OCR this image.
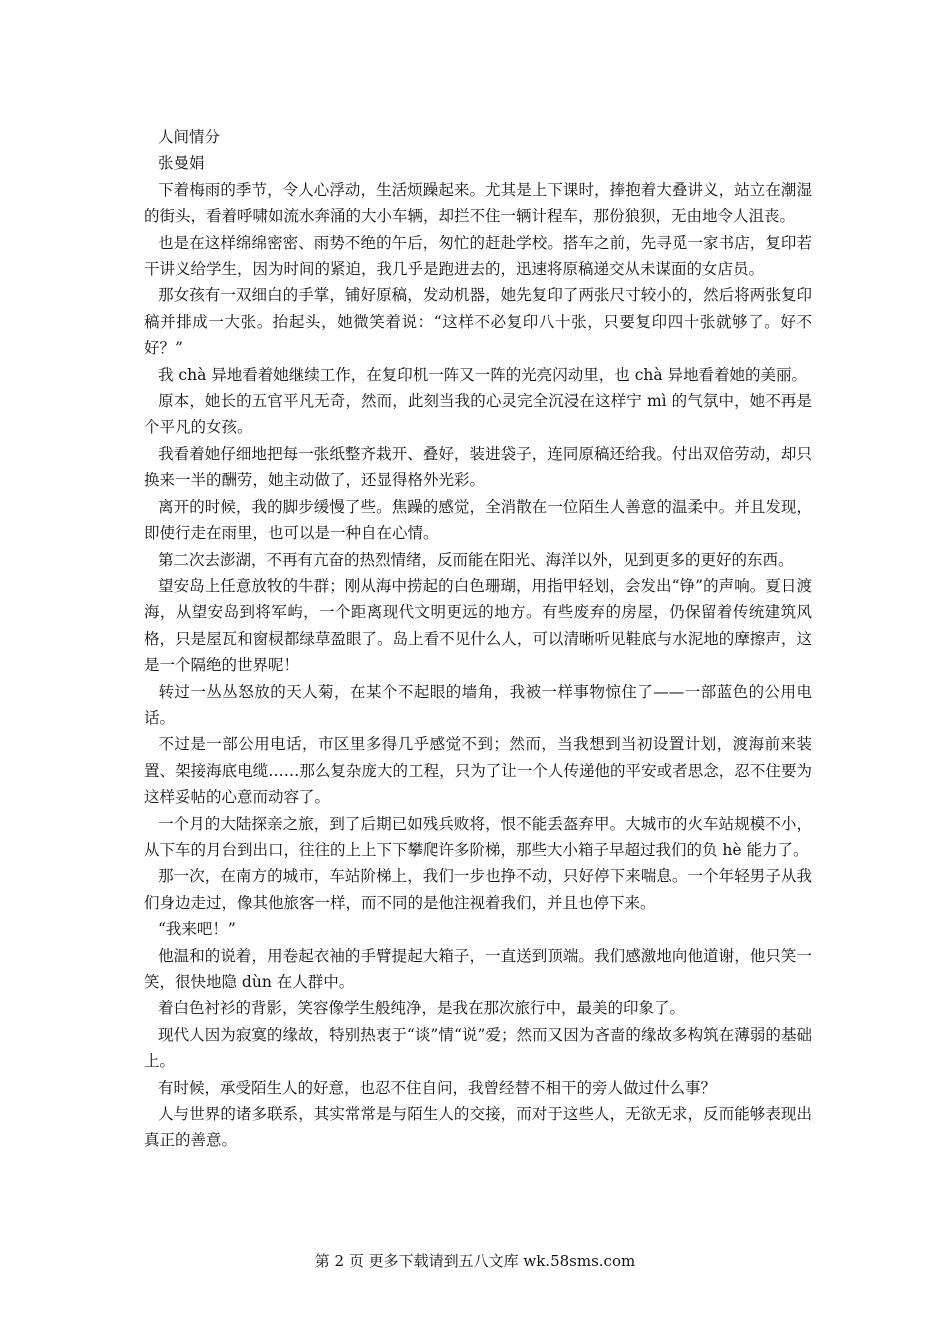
人间情分

张曼娟

下着梅雨的季节，令人心浮动，生活烦躁起来。尤其是上下课时，捧抱着大叠讲义，站立在潮湿的街头，看着呼啸如流水奔涌的大小车辆，却拦不住一辆计程车，那份狼狈，无由地令人沮丧。

也是在这样绵绵密密、雨势不绝的午后，匆忙的赶赴学校。搭车之前，先寻觅一家书店，复印若干讲义给学生，因为时间的紧迫，我几乎是跑进去的，迅速将原稿递交从未谋面的女店员。

那女孩有一双细白的手掌，铺好原稿，发动机器，她先复印了两张尺寸较小的，然后将两张复印稿并排成一大张。抬起头，她微笑着说：“这样不必复印八十张，只要复印四十张就够了。好不好？”

我 chà 异地看着她继续工作，在复印机一阵又一阵的光亮闪动里，也 chà 异地看着她的美丽。

原本，她长的五官平凡无奇，然而，此刻当我的心灵完全沉浸在这样宁 mì 的气氛中，她不再是个平凡的女孩。

我看着她仔细地把每一张纸整齐栽开、叠好，装进袋子，连同原稿还给我。付出双倍劳动，却只换来一半的酬劳，她主动做了，还显得格外光彩。

离开的时候，我的脚步缓慢了些。焦躁的感觉，全消散在一位陌生人善意的温柔中。并且发现，即使行走在雨里，也可以是一种自在心情。

第二次去澎湖，不再有亢奋的热烈情绪，反而能在阳光、海洋以外，见到更多的更好的东西。

望安岛上任意放牧的牛群；刚从海中捞起的白色珊瑚，用指甲轻划，会发出“铮”的声响。夏日渡海，从望安岛到将军屿，一个距离现代文明更远的地方。有些废弃的房屋，仍保留着传统建筑风格，只是屋瓦和窗棂都绿草盈眼了。岛上看不见什么人，可以清晰听见鞋底与水泥地的摩擦声，这是一个隔绝的世界呢！

转过一丛丛怒放的天人菊，在某个不起眼的墙角，我被一样事物惊住了——一部蓝色的公用电话。

不过是一部公用电话，市区里多得几乎感觉不到；然而，当我想到当初设置计划，渡海前来装置、架接海底电缆……那么复杂庞大的工程，只为了让一个人传递他的平安或者思念，忍不住要为这样妥帖的心意而动容了。

一个月的大陆探亲之旅，到了后期已如残兵败将，恨不能丢盔弃甲。大城市的火车站规模不小，从下车的月台到出口，往往的上上下下攀爬许多阶梯，那些大小箱子早超过我们的负 hè 能力了。

那一次，在南方的城市，车站阶梯上，我们一步也挣不动，只好停下来喘息。一个年轻男子从我们身边走过，像其他旅客一样，而不同的是他注视着我们，并且也停下来。

“我来吧！”

他温和的说着，用卷起衣袖的手臂提起大箱子，一直送到顶端。我们感激地向他道谢，他只笑一笑，很快地隐 dùn 在人群中。

着白色衬衫的背影，笑容像学生般纯净，是我在那次旅行中，最美的印象了。

现代人因为寂寞的缘故，特别热衷于“谈”情“说”爱；然而又因为吝啬的缘故多构筑在薄弱的基础上。

有时候，承受陌生人的好意，也忍不住自问，我曾经替不相干的旁人做过什么事？

人与世界的诸多联系，其实常常是与陌生人的交接，而对于这些人，无欲无求，反而能够表现出真正的善意。

第 2 页 更多下载请到五八文库 wk.58sms.com
